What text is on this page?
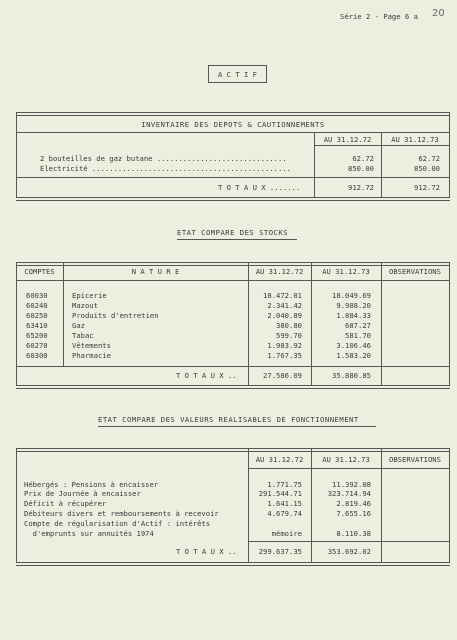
Série 2 - Page 6 a 20
A C T I F
INVENTAIRE DES DEPOTS & CAUTIONNEMENTS
AU 31.12.72	AU 31.12.73
2 bouteilles de gaz butane ..............................	62.72	62.72
Electricité ..............................................	850.00	850.00
T O T A U X .......	912.72	912.72
ETAT COMPARE DES STOCKS
COMPTES	N A T U R E	AU 31.12.72	AU 31.12.73	OBSERVATIONS
60030	Epicerie	18.472.01	18.049.69
60240	Mazout	2.341.42	9.988.20
60250	Produits d'entretien	2.040.89	1.884.33
63410	Gaz	380.80	687.27
65200	Tabac	599.70	581.70
60270	Vêtements	1.983.92	3.106.46
60300	Pharmacie	1.767.35	1.583.20
T O T A U X ..	27.586.09	35.880.85
ETAT COMPARE DES VALEURS REALISABLES DE FONCTIONNEMENT
AU 31.12.72	AU 31.12.73	OBSERVATIONS
Hébergés : Pensions à encaisser	1.771.75	11.392.08
Prix de Journée à encaisser	291.544.71	323.714.94
Déficit à récupérer	1.641.15	2.819.46
Débiteurs divers et remboursements à recevoir	4.679.74	7.655.16
Compte de régularisation d'Actif : intérêts
d'emprunts sur annuités 1974	mémoire	8.110.38
T O T A U X ..	299.637.35	353.692.02
